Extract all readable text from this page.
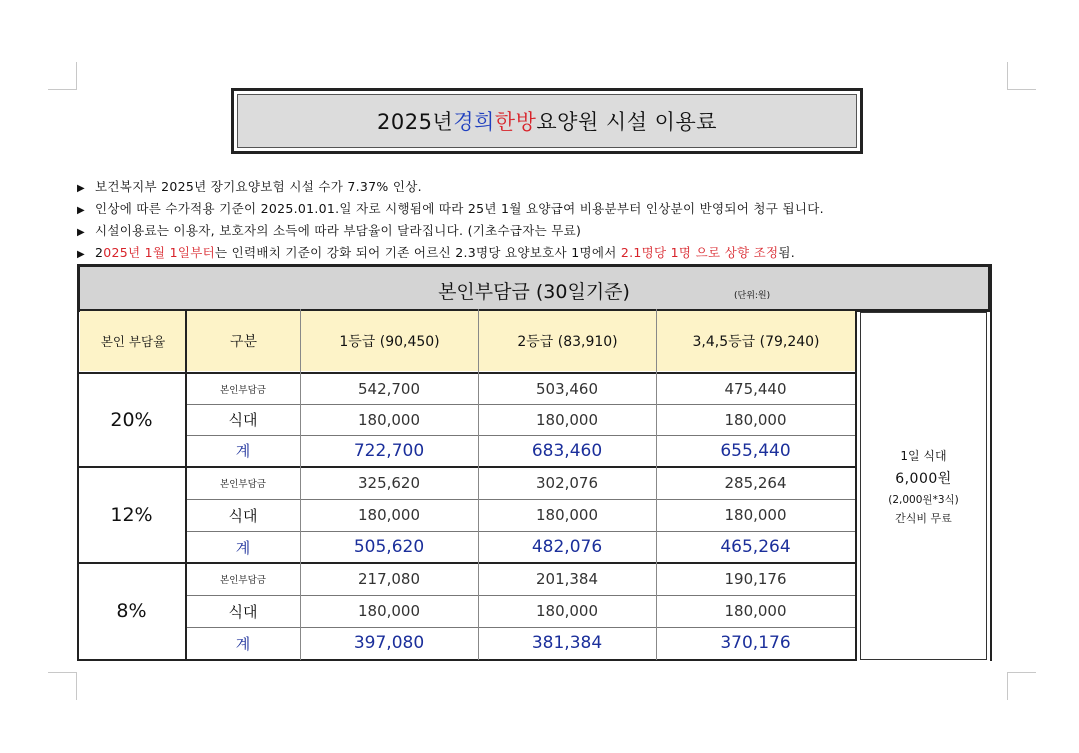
2025년 경희 한방 요양원 시설 이용료
▶ 보건복지부 2025년 장기요양보험 시설 수가 7.37% 인상.
▶ 인상에 따른 수가적용 기준이 2025.01.01.일 자로 시행됨에 따라 25년 1월 요양급여 비용분부터 인상분이 반영되어 청구 됩니다.
▶ 시설이용료는 이용자, 보호자의 소득에 따라 부담율이 달라집니다. (기초수급자는 무료)
▶ 2025년 1월 1일부터는 인력배치 기준이 강화 되어 기존 어르신 2.3명당 요양보호사 1명에서 2.1명당 1명 으로 상향 조정됨.
본인부담금 (30일기준)	(단위:원)
본인 부담율	구분	1등급 (90,450)	2등급 (83,910)	3,4,5등급 (79,240)
20%
본인부담금	542,700	503,460	475,440
식대	180,000	180,000	180,000
계	722,700	683,460	655,440
12%
본인부담금	325,620	302,076	285,264
식대	180,000	180,000	180,000
계	505,620	482,076	465,264
8%
본인부담금	217,080	201,384	190,176
식대	180,000	180,000	180,000
계	397,080	381,384	370,176
1일 식대
6,000원
(2,000원*3식)
간식비 무료
